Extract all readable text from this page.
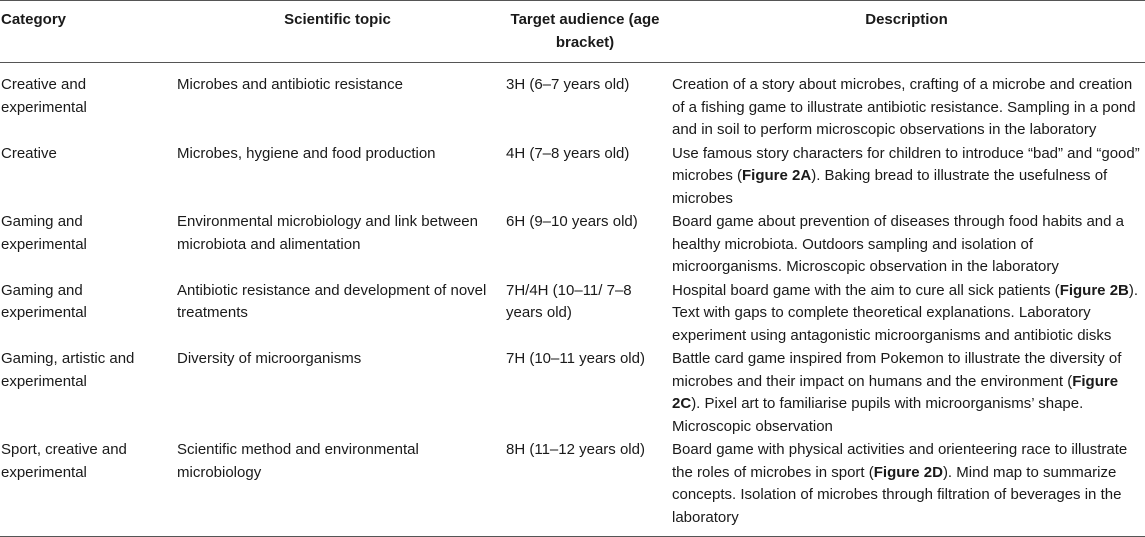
Category	Scientific topic	Target audience (age bracket)	Description
Creative and experimental	Microbes and antibiotic resistance	3H (6–7 years old)	Creation of a story about microbes, crafting of a microbe and creation of a fishing game to illustrate antibiotic resistance. Sampling in a pond and in soil to perform microscopic observations in the laboratory
Creative	Microbes, hygiene and food production	4H (7–8 years old)	Use famous story characters for children to introduce “bad” and “good” microbes (Figure 2A). Baking bread to illustrate the usefulness of microbes
Gaming and experimental	Environmental microbiology and link between microbiota and alimentation	6H (9–10 years old)	Board game about prevention of diseases through food habits and a healthy microbiota. Outdoors sampling and isolation of microorganisms. Microscopic observation in the laboratory
Gaming and experimental	Antibiotic resistance and development of novel treatments	7H/4H (10–11/ 7–8 years old)	Hospital board game with the aim to cure all sick patients (Figure 2B). Text with gaps to complete theoretical explanations. Laboratory experiment using antagonistic microorganisms and antibiotic disks
Gaming, artistic and experimental	Diversity of microorganisms	7H (10–11 years old)	Battle card game inspired from Pokemon to illustrate the diversity of microbes and their impact on humans and the environment (Figure 2C). Pixel art to familiarise pupils with microorganisms’ shape. Microscopic observation
Sport, creative and experimental	Scientific method and environmental microbiology	8H (11–12 years old)	Board game with physical activities and orienteering race to illustrate the roles of microbes in sport (Figure 2D). Mind map to summarize concepts. Isolation of microbes through filtration of beverages in the laboratory
